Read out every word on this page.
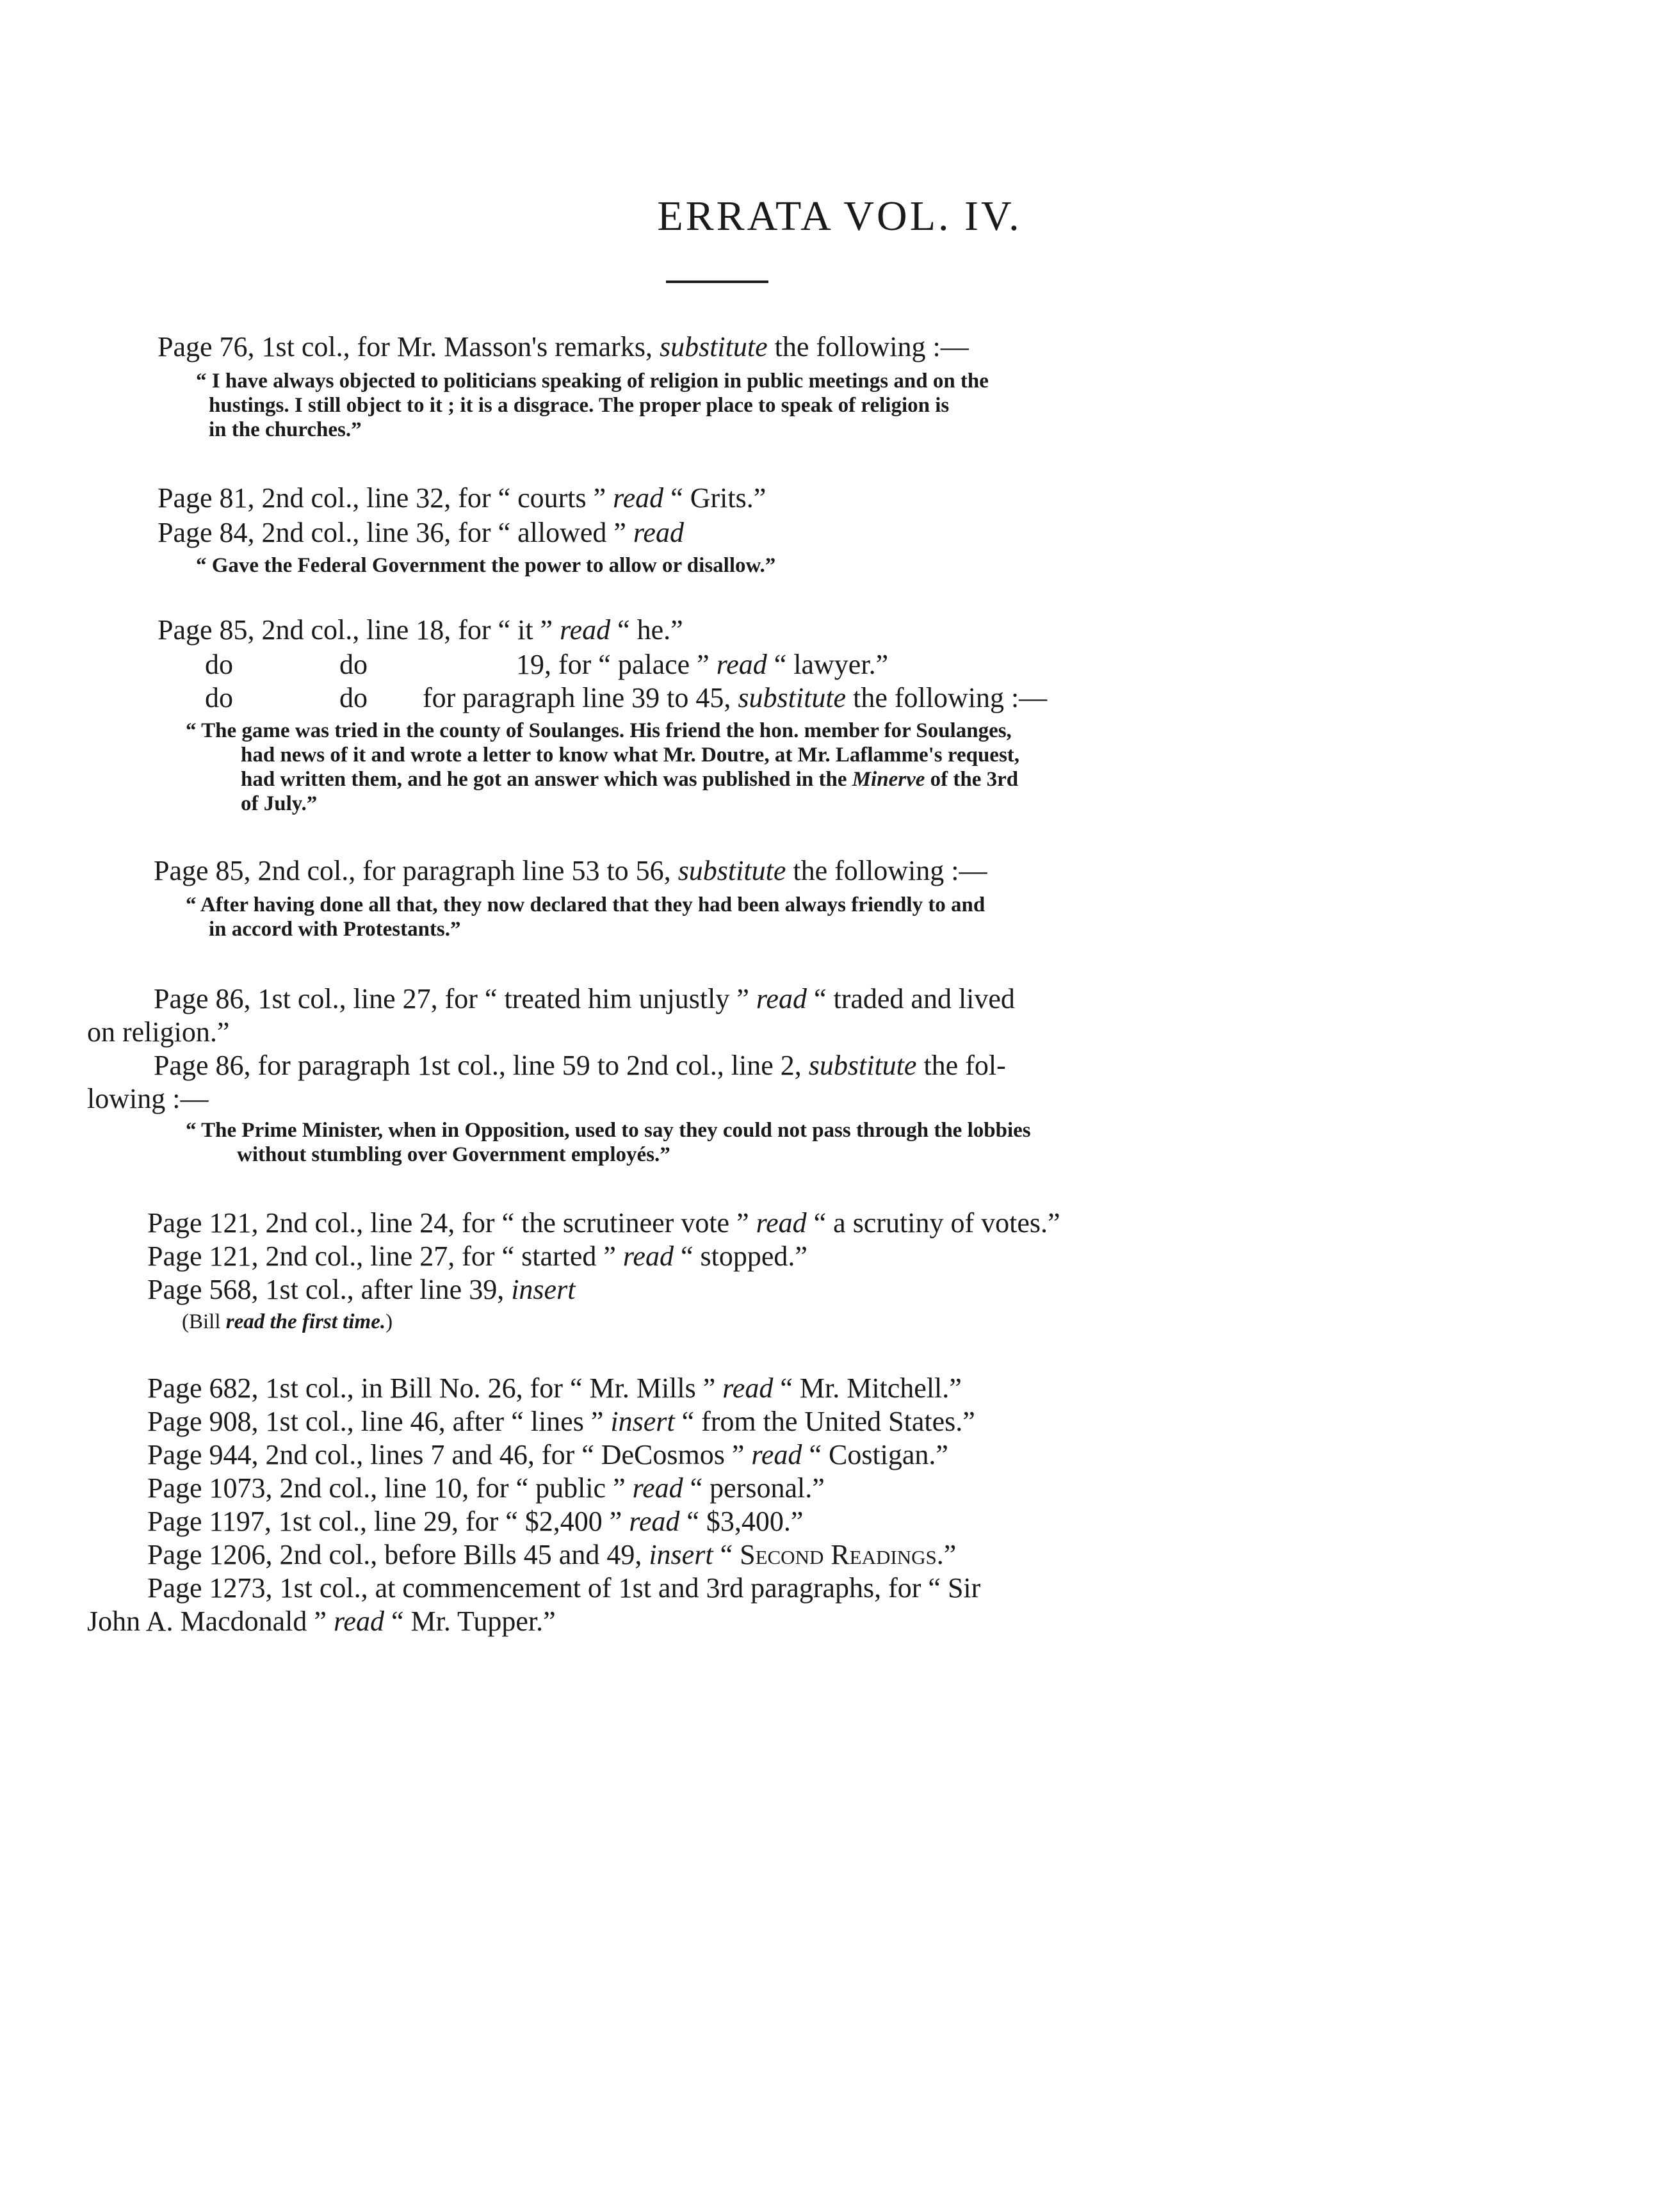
ERRATA VOL. IV.
Page 76, 1st col., for Mr. Masson's remarks, substitute the following :—
“ I have always objected to politicians speaking of religion in public meetings and on the
hustings. I still object to it ; it is a disgrace. The proper place to speak of religion is
in the churches.”
Page 81, 2nd col., line 32, for “ courts ” read “ Grits.”
Page 84, 2nd col., line 36, for “ allowed ” read
“ Gave the Federal Government the power to allow or disallow.”
Page 85, 2nd col., line 18, for “ it ” read “ he.”
do	do	19, for “ palace ” read “ lawyer.”
do	do for paragraph line 39 to 45, substitute the following :—
“ The game was tried in the county of Soulanges. His friend the hon. member for Soulanges,
had news of it and wrote a letter to know what Mr. Doutre, at Mr. Laflamme's request,
had written them, and he got an answer which was published in the Minerve of the 3rd
of July.”
Page 85, 2nd col., for paragraph line 53 to 56, substitute the following :—
“ After having done all that, they now declared that they had been always friendly to and
in accord with Protestants.”
Page 86, 1st col., line 27, for “ treated him unjustly ” read “ traded and lived
on religion.”
Page 86, for paragraph 1st col., line 59 to 2nd col., line 2, substitute the fol-
lowing :—
“ The Prime Minister, when in Opposition, used to say they could not pass through the lobbies
without stumbling over Government employés.”
Page 121, 2nd col., line 24, for “ the scrutineer vote ” read “ a scrutiny of votes.”
Page 121, 2nd col., line 27, for “ started ” read “ stopped.”
Page 568, 1st col., after line 39, insert
(Bill read the first time.)
Page 682, 1st col., in Bill No. 26, for “ Mr. Mills ” read “ Mr. Mitchell.”
Page 908, 1st col., line 46, after “ lines ” insert “ from the United States.”
Page 944, 2nd col., lines 7 and 46, for “ DeCosmos ” read “ Costigan.”
Page 1073, 2nd col., line 10, for “ public ” read “ personal.”
Page 1197, 1st col., line 29, for “ $2,400 ” read “ $3,400.”
Page 1206, 2nd col., before Bills 45 and 49, insert “ Second Readings.”
Page 1273, 1st col., at commencement of 1st and 3rd paragraphs, for “ Sir
John A. Macdonald ” read “ Mr. Tupper.”
